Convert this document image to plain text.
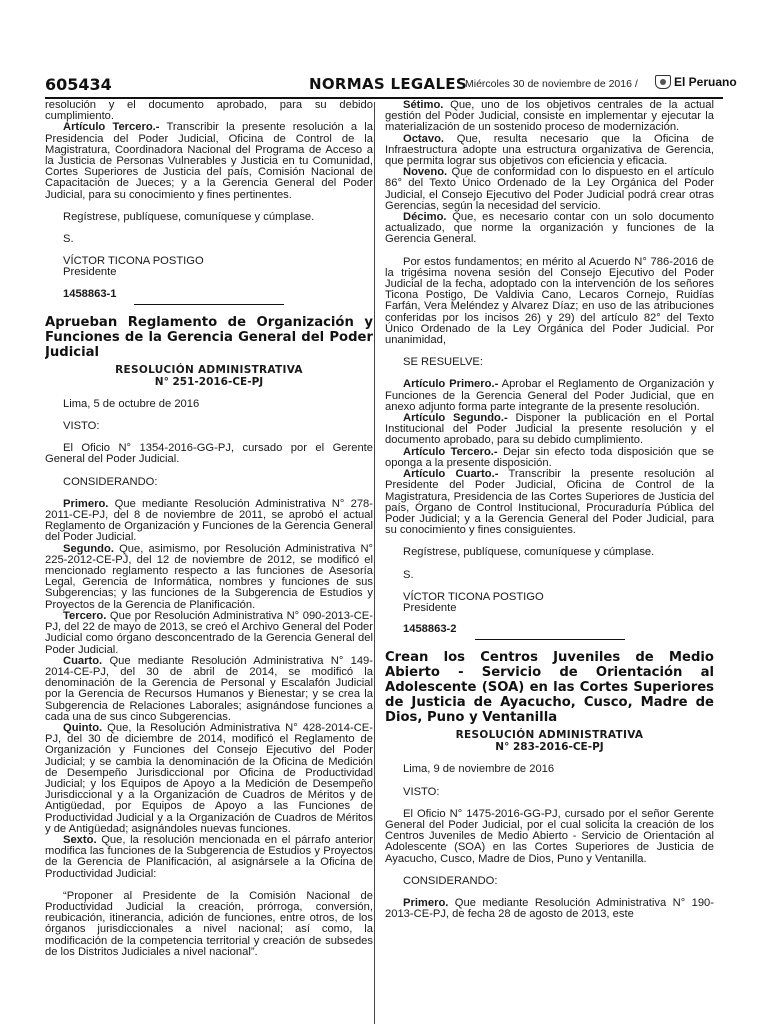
605434	NORMAS LEGALES
Miércoles 30 de noviembre de 2016 /	El Peruano

resolución y el documento aprobado, para su debido cumplimiento.

Artículo Tercero.- Transcribir la presente resolución a la Presidencia del Poder Judicial, Oficina de Control de la Magistratura, Coordinadora Nacional del Programa de Acceso a la Justicia de Personas Vulnerables y Justicia en tu Comunidad, Cortes Superiores de Justicia del país, Comisión Nacional de Capacitación de Jueces; y a la Gerencia General del Poder Judicial, para su conocimiento y fines pertinentes.

Regístrese, publíquese, comuníquese y cúmplase.

S.

VÍCTOR TICONA POSTIGO

Presidente

1458863-1

Aprueban Reglamento de Organización y Funciones de la Gerencia General del Poder Judicial

RESOLUCIÓN ADMINISTRATIVA

N° 251-2016-CE-PJ

Lima, 5 de octubre de 2016

VISTO:

El Oficio N° 1354-2016-GG-PJ, cursado por el Gerente General del Poder Judicial.

CONSIDERANDO:

Primero. Que mediante Resolución Administrativa N° 278-2011-CE-PJ, del 8 de noviembre de 2011, se aprobó el actual Reglamento de Organización y Funciones de la Gerencia General del Poder Judicial.

Segundo. Que, asimismo, por Resolución Administrativa N° 225-2012-CE-PJ, del 12 de noviembre de 2012, se modificó el mencionado reglamento respecto a las funciones de Asesoría Legal, Gerencia de Informática, nombres y funciones de sus Subgerencias; y las funciones de la Subgerencia de Estudios y Proyectos de la Gerencia de Planificación.

Tercero. Que por Resolución Administrativa N° 090-2013-CE-PJ, del 22 de mayo de 2013, se creó el Archivo General del Poder Judicial como órgano desconcentrado de la Gerencia General del Poder Judicial.

Cuarto. Que mediante Resolución Administrativa N° 149-2014-CE-PJ, del 30 de abril de 2014, se modificó la denominación de la Gerencia de Personal y Escalafón Judicial por la Gerencia de Recursos Humanos y Bienestar; y se crea la Subgerencia de Relaciones Laborales; asignándose funciones a cada una de sus cinco Subgerencias.

Quinto. Que, la Resolución Administrativa N° 428-2014-CE-PJ, del 30 de diciembre de 2014, modificó el Reglamento de Organización y Funciones del Consejo Ejecutivo del Poder Judicial; y se cambia la denominación de la Oficina de Medición de Desempeño Jurisdiccional por Oficina de Productividad Judicial; y los Equipos de Apoyo a la Medición de Desempeño Jurisdiccional y a la Organización de Cuadros de Méritos y de Antigüedad, por Equipos de Apoyo a las Funciones de Productividad Judicial y a la Organización de Cuadros de Méritos y de Antigüedad; asignándoles nuevas funciones.

Sexto. Que, la resolución mencionada en el párrafo anterior modifica las funciones de la Subgerencia de Estudios y Proyectos de la Gerencia de Planificación, al asignársele a la Oficina de Productividad Judicial:

“Proponer al Presidente de la Comisión Nacional de Productividad Judicial la creación, prórroga, conversión, reubicación, itinerancia, adición de funciones, entre otros, de los órganos jurisdiccionales a nivel nacional; así como, la modificación de la competencia territorial y creación de subsedes de los Distritos Judiciales a nivel nacional”.

Sétimo. Que, uno de los objetivos centrales de la actual gestión del Poder Judicial, consiste en implementar y ejecutar la materialización de un sostenido proceso de modernización.

Octavo. Que, resulta necesario que la Oficina de Infraestructura adopte una estructura organizativa de Gerencia, que permita lograr sus objetivos con eficiencia y eficacia.

Noveno. Que de conformidad con lo dispuesto en el artículo 86° del Texto Único Ordenado de la Ley Orgánica del Poder Judicial, el Consejo Ejecutivo del Poder Judicial podrá crear otras Gerencias, según la necesidad del servicio.

Décimo. Que, es necesario contar con un solo documento actualizado, que norme la organización y funciones de la Gerencia General.

Por estos fundamentos; en mérito al Acuerdo N° 786-2016 de la trigésima novena sesión del Consejo Ejecutivo del Poder Judicial de la fecha, adoptado con la intervención de los señores Ticona Postigo, De Valdivia Cano, Lecaros Cornejo, Ruidías Farfán, Vera Meléndez y Alvarez Díaz; en uso de las atribuciones conferidas por los incisos 26) y 29) del artículo 82° del Texto Único Ordenado de la Ley Orgánica del Poder Judicial. Por unanimidad,

SE RESUELVE:

Artículo Primero.- Aprobar el Reglamento de Organización y Funciones de la Gerencia General del Poder Judicial, que en anexo adjunto forma parte integrante de la presente resolución.

Artículo Segundo.- Disponer la publicación en el Portal Institucional del Poder Judicial la presente resolución y el documento aprobado, para su debido cumplimiento.

Artículo Tercero.- Dejar sin efecto toda disposición que se oponga a la presente disposición.

Artículo Cuarto.- Transcribir la presente resolución al Presidente del Poder Judicial, Oficina de Control de la Magistratura, Presidencia de las Cortes Superiores de Justicia del país, Órgano de Control Institucional, Procuraduría Pública del Poder Judicial; y a la Gerencia General del Poder Judicial, para su conocimiento y fines consiguientes.

Regístrese, publíquese, comuníquese y cúmplase.

S.

VÍCTOR TICONA POSTIGO

Presidente

1458863-2

Crean los Centros Juveniles de Medio Abierto - Servicio de Orientación al Adolescente (SOA) en las Cortes Superiores de Justicia de Ayacucho, Cusco, Madre de Dios, Puno y Ventanilla

RESOLUCIÓN ADMINISTRATIVA

N° 283-2016-CE-PJ

Lima, 9 de noviembre de 2016

VISTO:

El Oficio N° 1475-2016-GG-PJ, cursado por el señor Gerente General del Poder Judicial, por el cual solicita la creación de los Centros Juveniles de Medio Abierto - Servicio de Orientación al Adolescente (SOA) en las Cortes Superiores de Justicia de Ayacucho, Cusco, Madre de Dios, Puno y Ventanilla.

CONSIDERANDO:

Primero. Que mediante Resolución Administrativa N° 190-2013-CE-PJ, de fecha 28 de agosto de 2013, este
